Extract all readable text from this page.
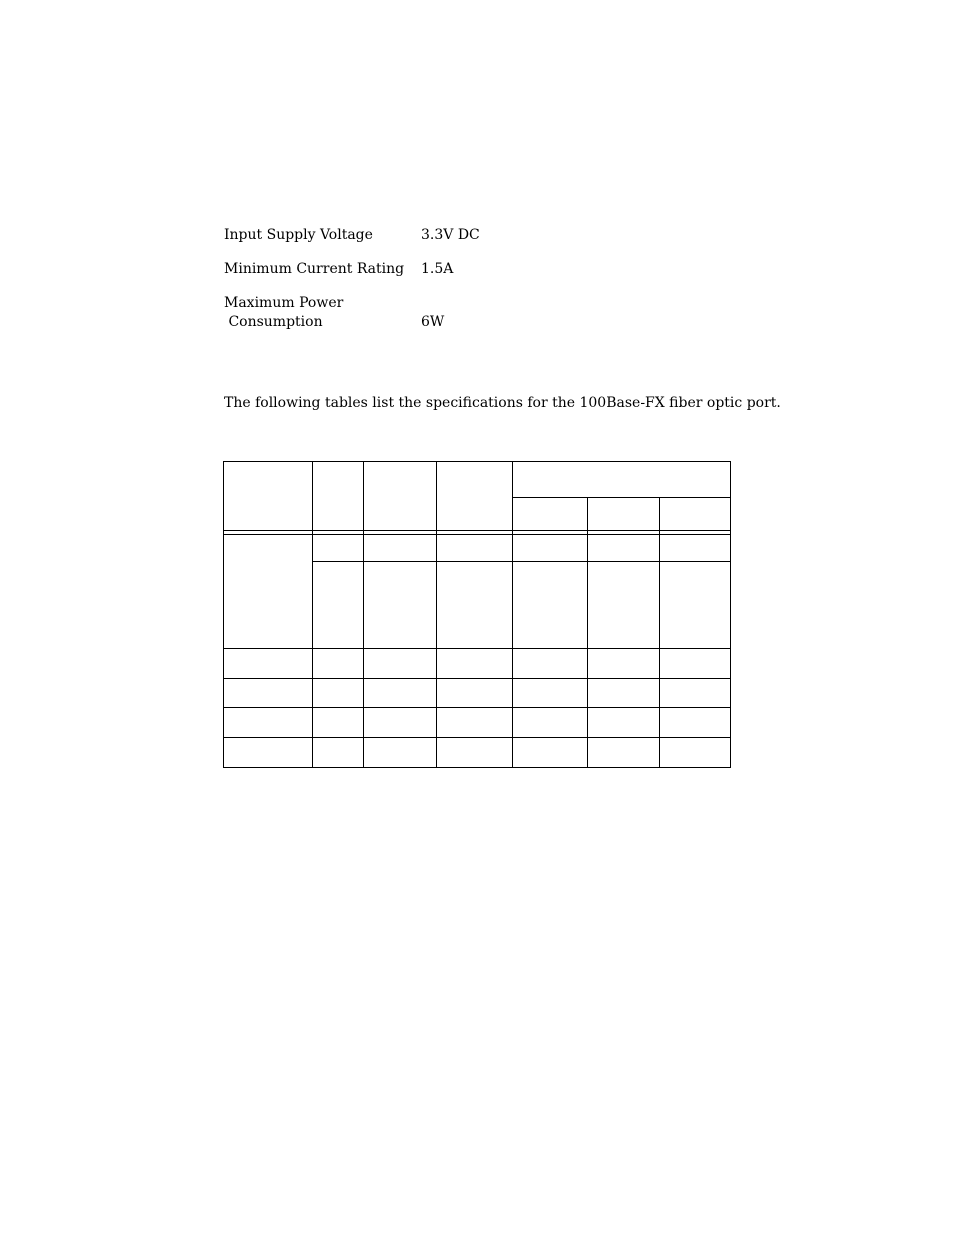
Input Supply Voltage	3.3V DC
Minimum Current Rating 1.5A
Maximum Power
Consumption	6W
The following tables list the specifications for the 100Base-FX fiber optic port.
